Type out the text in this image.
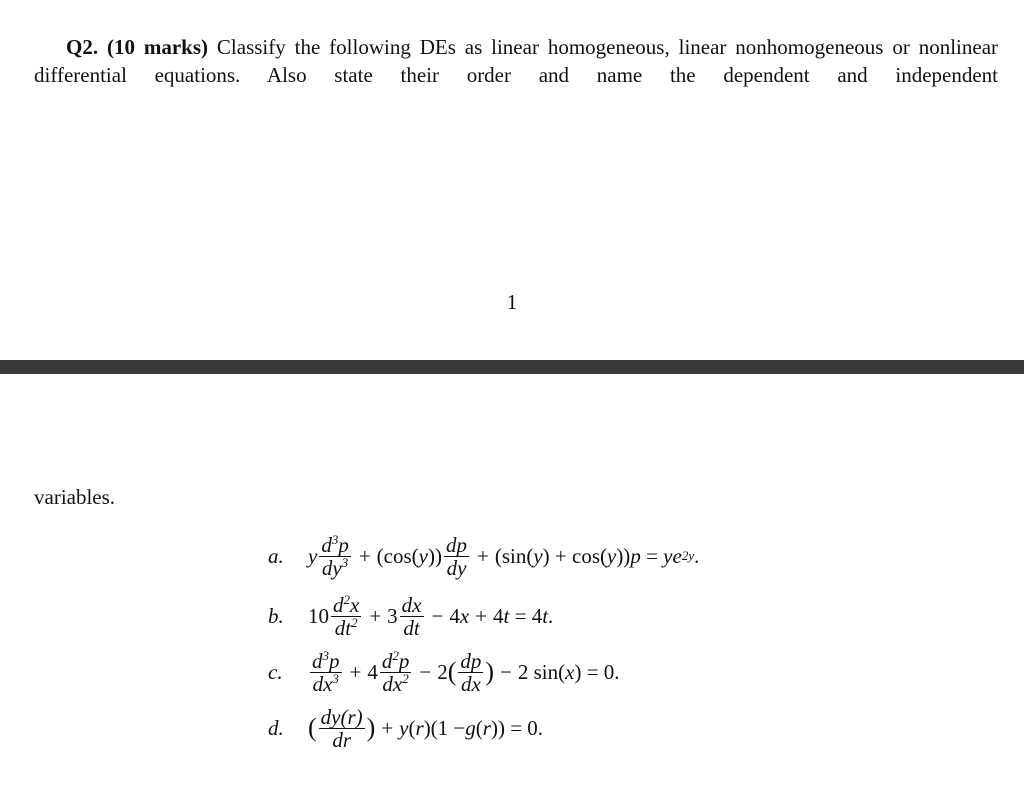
Q2. (10 marks) Classify the following DEs as linear homogeneous, linear nonhomogeneous or nonlinear differential equations. Also state their order and name the dependent and independent
1
variables.
a.	y $\frac{d^3p}{dy^3} + (\cos$( y )) $\frac{dp}{dy} + (\sin$( y ) + cos( y )) p = ye 2y .
b.	$10 \frac{d^2x}{dt^2} + 3 \frac{dx}{dt} - 4$ x + 4 t = 4 t .
c.	$\frac{d^3p}{dx^3} + 4 \frac{d^2p}{dx^2} - 2$ ( $\frac{dp}{dx}$ ) − 2 sin( x ) = 0.
d. ( $\frac{dy(r)}{dr}$ ) + y ( r )(1 − g ( r )) = 0.
